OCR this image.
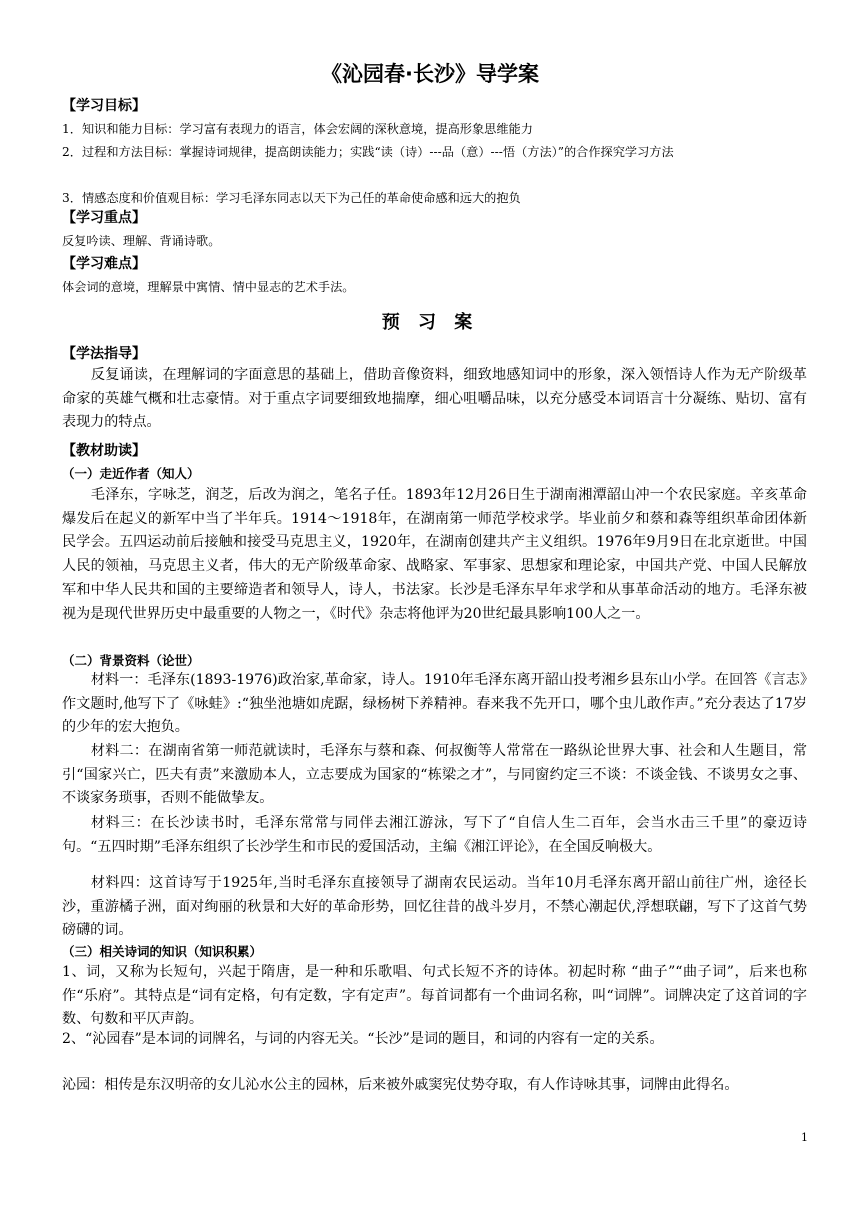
《沁园春·长沙》导学案
【学习目标】

1．知识和能力目标：学习富有表现力的语言，体会宏阔的深秋意境，提高形象思维能力

2．过程和方法目标：掌握诗词规律，提高朗读能力；实践“读（诗）---品（意）---悟（方法）”的合作探究学习方法

3．情感态度和价值观目标：学习毛泽东同志以天下为己任的革命使命感和远大的抱负

【学习重点】

反复吟读、理解、背诵诗歌。

【学习难点】

体会词的意境，理解景中寓情、情中显志的艺术手法。

预 习 案
【学法指导】

反复诵读，在理解词的字面意思的基础上，借助音像资料，细致地感知词中的形象，深入领悟诗人作为无产阶级革命家的英雄气概和壮志豪情。对于重点字词要细致地揣摩，细心咀嚼品味，以充分感受本词语言十分凝练、贴切、富有表现力的特点。

【教材助读】
（一）走近作者（知人）

毛泽东，字咏芝，润芝，后改为润之，笔名子任。1893年12月26日生于湖南湘潭韶山冲一个农民家庭。辛亥革命爆发后在起义的新军中当了半年兵。1914～1918年，在湖南第一师范学校求学。毕业前夕和蔡和森等组织革命团体新民学会。五四运动前后接触和接受马克思主义，1920年，在湖南创建共产主义组织。1976年9月9日在北京逝世。中国人民的领袖，马克思主义者，伟大的无产阶级革命家、战略家、军事家、思想家和理论家，中国共产党、中国人民解放军和中华人民共和国的主要缔造者和领导人，诗人，书法家。长沙是毛泽东早年求学和从事革命活动的地方。毛泽东被视为是现代世界历史中最重要的人物之一，《时代》杂志将他评为20世纪最具影响100人之一。

（二）背景资料（论世）

材料一：毛泽东(1893-1976)政治家,革命家，诗人。1910年毛泽东离开韶山投考湘乡县东山小学。在回答《言志》作文题时,他写下了《咏蛙》:“独坐池塘如虎踞，绿杨树下养精神。春来我不先开口，哪个虫儿敢作声。”充分表达了17岁的少年的宏大抱负。

材料二：在湖南省第一师范就读时，毛泽东与蔡和森、何叔衡等人常常在一路纵论世界大事、社会和人生题目，常引“国家兴亡，匹夫有责”来激励本人，立志要成为国家的“栋梁之才”，与同窗约定三不谈：不谈金钱、不谈男女之事、不谈家务琐事，否则不能做挚友。

材料三：在长沙读书时，毛泽东常常与同伴去湘江游泳，写下了“自信人生二百年，会当水击三千里”的豪迈诗句。“五四时期”毛泽东组织了长沙学生和市民的爱国活动，主编《湘江评论》，在全国反响极大。

材料四：这首诗写于1925年,当时毛泽东直接领导了湖南农民运动。当年10月毛泽东离开韶山前往广州，途径长沙，重游橘子洲，面对绚丽的秋景和大好的革命形势，回忆往昔的战斗岁月，不禁心潮起伏,浮想联翩，写下了这首气势磅礴的词。

（三）相关诗词的知识（知识积累）

1、词，又称为长短句，兴起于隋唐，是一种和乐歌唱、句式长短不齐的诗体。初起时称 “曲子”“曲子词”，后来也称作“乐府”。其特点是“词有定格，句有定数，字有定声”。每首词都有一个曲词名称，叫“词牌”。词牌决定了这首词的字数、句数和平仄声韵。

2、“沁园春”是本词的词牌名，与词的内容无关。“长沙”是词的题目，和词的内容有一定的关系。

沁园：相传是东汉明帝的女儿沁水公主的园林，后来被外戚窦宪仗势夺取，有人作诗咏其事，词牌由此得名。

1
